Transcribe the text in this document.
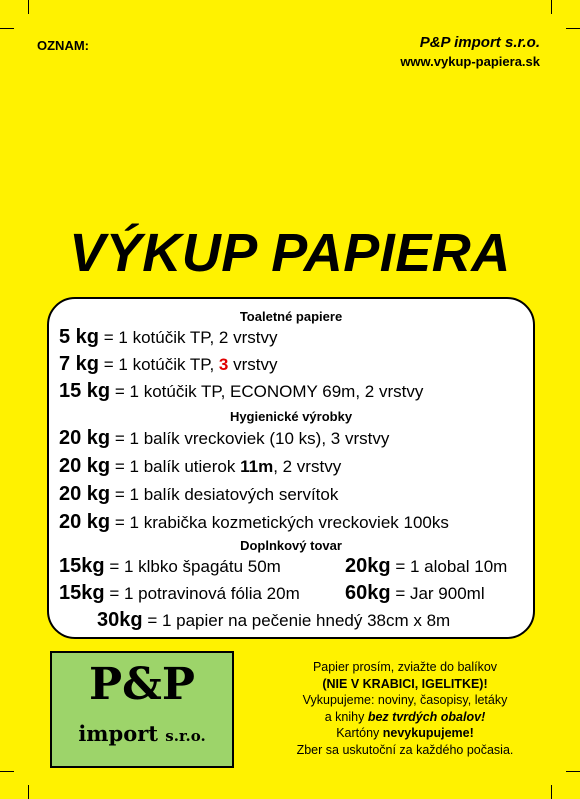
OZNAM:	P&P import s.r.o.
www.vykup-papiera.sk
VÝKUP PAPIERA
Toaletné papiere
5 kg = 1 kotúčik TP, 2 vrstvy
7 kg = 1 kotúčik TP, 3 vrstvy
15 kg = 1 kotúčik TP, ECONOMY 69m, 2 vrstvy
Hygienické výrobky
20 kg = 1 balík vreckoviek (10 ks), 3 vrstvy
20 kg = 1 balík utierok 11m, 2 vrstvy
20 kg = 1 balík desiatových servítok
20 kg = 1 krabička kozmetických vreckoviek 100ks
Doplnkový tovar
15kg = 1 klbko špagátu 50m	20kg = 1 alobal 10m
15kg = 1 potravinová fólia 20m 60kg = Jar 900ml
30kg = 1 papier na pečenie hnedý 38cm x 8m
P&P
import s.r.o.

Papier prosím, zviažte do balíkov

(NIE V KRABICI, IGELITKE)!

Vykupujeme: noviny, časopisy, letáky

a knihy bez tvrdých obalov!

Kartóny nevykupujeme!

Zber sa uskutoční za každého počasia.
